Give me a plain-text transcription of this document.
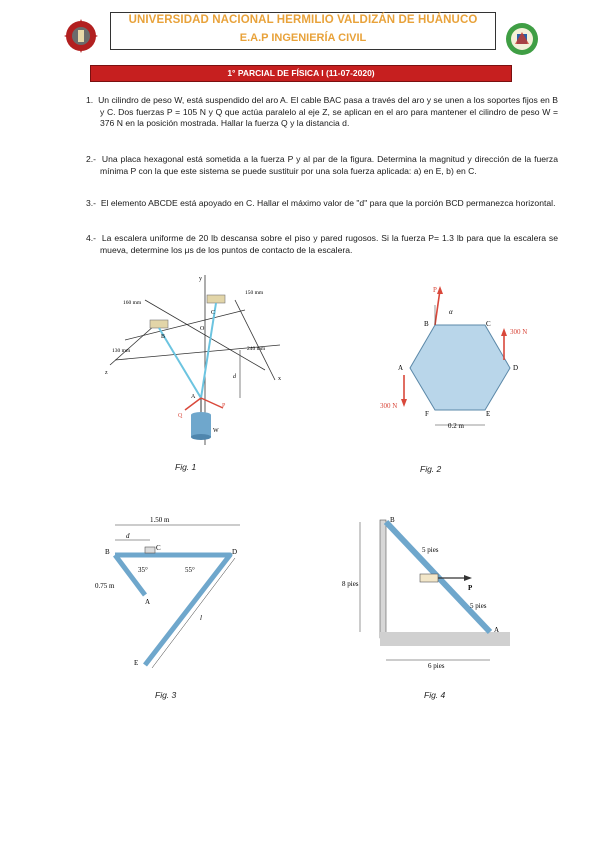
UNIVERSIDAD NACIONAL HERMILIO VALDIZÁN DE HUÁNUCO
E.A.P INGENIERÍA CIVIL
1° PARCIAL DE FÍSICA I (11-07-2020)
1. Un cilindro de peso W, está suspendido del aro A. El cable BAC pasa a través del aro y se unen a los soportes fijos en B y C. Dos fuerzas P = 105 N y Q que actúa paralelo al eje Z, se aplican en el aro para mantener el cilindro de peso W = 376 N en la posición mostrada. Hallar la fuerza Q y la distancia d.
2.- Una placa hexagonal está sometida a la fuerza P y al par de la figura. Determina la magnitud y dirección de la fuerza mínima P con la que este sistema se puede sustituir por una sola fuerza aplicada: a) en E, b) en C.
3.- El elemento ABCDE está apoyado en C. Hallar el máximo valor de "d" para que la porción BCD permanezca horizontal.
4.- La escalera uniforme de 20 lb descansa sobre el piso y pared rugosos. Si la fuerza P= 1.3 lb para que la escalera se mueva, determine los μs de los puntos de contacto de la escalera.
y
x
z
160 mm
150 mm
130 mm	240 mm
O
B
C
A
d
P
Q
W
Fig. 1
P
α
B	C
A	D
E
F
300 N
300 N
0.2 m
Fig. 2
1.50 m
d
C
B	D
35°	55°
0.75 m
A
l
E
Fig. 3
B
A
P
8 pies
5 pies
5 pies
6 pies
Fig. 4
